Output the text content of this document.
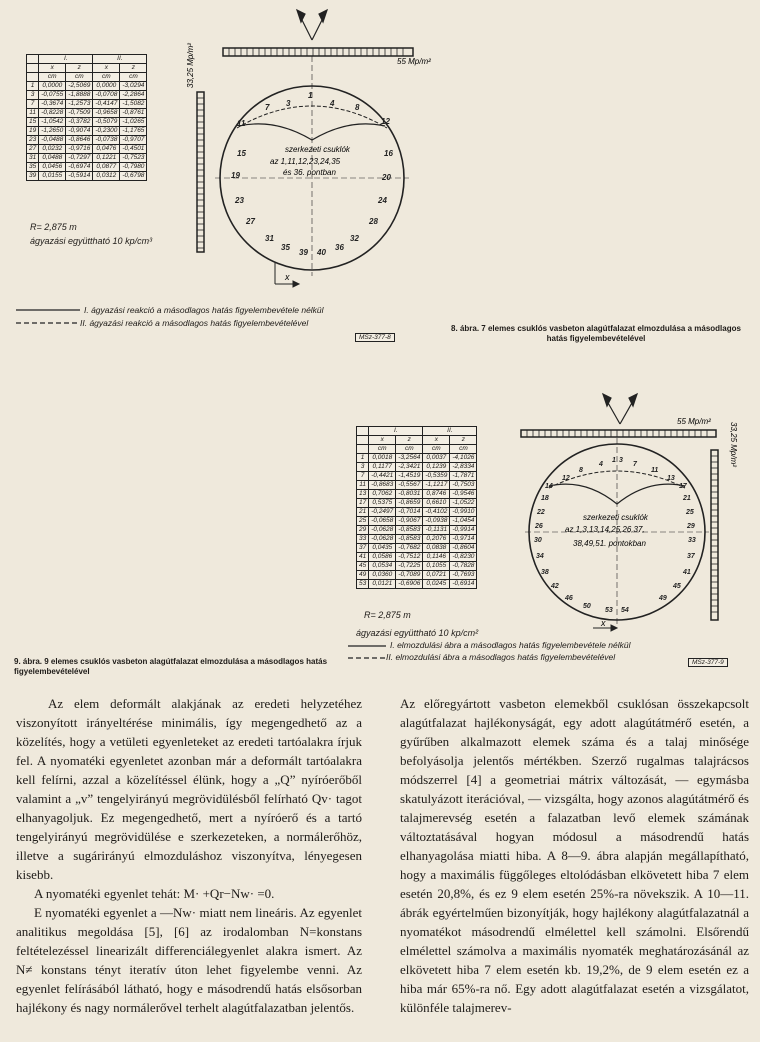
	I.		II.	
	x	z	x	z
	cm	cm	cm	cm
1	0,0000	-2,5069	0,0000	-3,0294
3	-0,0755	-1,8888	-0,0708	-2,2864
7	-0,3674	-1,2573	-0,4147	-1,5082
11	-0,8228	-0,7509	-0,9658	-0,8761
15	-1,0542	-0,3782	-0,5079	-1,0265
19	-1,2650	-0,9074	-0,2300	-1,1765
23	-0,0488	-0,8646	-0,0738	-0,9707
27	0,0232	-0,9716	0,0476	-0,4501
31	0,0488	-0,7297	0,1221	-0,7523
35	0,0456	-0,6974	0,0877	-0,7980
39	0,0155	-0,5914	0,0312	-0,6798
R= 2,875 m
ágyazási együttható 10 kp/cm³
55 Mp/m²
33,25 Mp/m²
x
szerkezeti csuklók
az 1,11,12,23,24,35
és 36. pontban
1
3	4
7	8
11	12
15	16
19	20
23	24
27	28
31	32
35	36
39 40
I. ágyazási reakció a másodlagos hatás figyelembevétele nélkül
II. ágyazási reakció a másodlagos hatás figyelembevételével
MSz-377-8
8. ábra. 7 elemes csuklós vasbeton alagútfalazat elmozdulása a másodlagos hatás figyelembevételével
	I.		II.	
	x	z	x	z
	cm	cm	cm	cm
1	0,0018	-3,2564	0,0037	-4,1026
3	0,1177	-2,3421	0,1239	-2,8334
7	-0,4421	-1,4519	-0,5359	-1,7871
11	-0,8683	-0,5567	-1,1217	-0,7503
13	0,7062	-0,8031	0,8746	-0,9546
17	0,5375	-0,8659	0,6610	-1,0522
21	-0,2497	-0,7014	-0,4102	-0,9910
25	-0,0658	-0,9067	-0,0938	-1,0454
29	-0,0628	-0,8583	-0,1131	-0,9914
33	-0,0628	-0,8583	0,2076	-0,9714
37	0,0435	-0,7682	0,0838	-0,8604
41	0,0586	-0,7512	0,1146	-0,8230
45	0,0534	-0,7225	0,1055	-0,7828
49	0,0360	-0,7089	0,0721	-0,7693
53	0,0121	-0,6906	0,0245	-0,6914
R= 2,875 m
ágyazási együttható 10 kp/cm²
55 Mp/m²
33,25 Mp/m²
x
szerkezeti csuklók
az 1,3,13,14,25,26,37,
38,49,51. pontokban
1 3
4	7
8	11
12	13
14	17
18	21
22	25
26	29
30	33
34	37
38	41
42	45
46	49
50
53 54
I. elmozdulási ábra a másodlagos hatás figyelembevétele nélkül
II. elmozdulási ábra a másodlagos hatás figyelembevételével
MSz-377-9
9. ábra. 9 elemes csuklós vasbeton alagútfalazat elmozdulása a másodlagos hatás figyelembevételével

Az elem deformált alakjának az eredeti helyzetéhez viszonyított irányeltérése minimális, így megengedhető az a közelítés, hogy a vetületi egyenleteket az eredeti tartóalakra írjuk fel. A nyomatéki egyenletet azonban már a deformált tartóalakra kell felírni, azzal a közelítéssel élünk, hogy a „Q” nyíróerőből valamint a „v” tengelyirányú megrövidülésből felírható Qv· tagot elhanyagoljuk. Ez megengedhető, mert a nyíróerő és a tartó tengelyirányú megrövidülése e szerkezeteken, a normálerőhöz, illetve a sugárirányú elmozduláshoz viszonyítva, lényegesen kisebb.

A nyomatéki egyenlet tehát: M· +Qr−Nw· =0.

E nyomatéki egyenlet a —Nw· miatt nem lineáris. Az egyenlet analitikus megoldása [5], [6] az irodalomban N=konstans feltételezéssel linearizált differenciálegyenlet alakra ismert. Az N≠ konstans tényt iteratív úton lehet figyelembe venni. Az egyenlet felírásából látható, hogy e másodrendű hatás elsősorban hajlékony és nagy normálerővel terhelt alagútfalazatban jelentős.

Az előregyártott vasbeton elemekből csuklósan összekapcsolt alagútfalazat hajlékonyságát, egy adott alagútátmérő esetén, a gyűrűben alkalmazott elemek száma és a talaj minősége befolyásolja jelentős mértékben. Szerző rugalmas talajrácsos módszerrel [4] a geometriai mátrix változását, — egymásba skatulyázott iterációval, — vizsgálta, hogy azonos alagútátmérő és talajmerevség esetén a falazatban levő elemek számának változtatásával hogyan módosul a másodrendű hatás elhanyagolása miatti hiba. A 8—9. ábra alapján megállapítható, hogy a maximális függőleges eltolódásban elkövetett hiba 7 elem esetén 20,8%, és ez 9 elem esetén 25%-ra növekszik. A 10—11. ábrák egyértelműen bizonyítják, hogy hajlékony alagútfalazatnál a nyomatékot másodrendű elmélettel kell számolni. Elsőrendű elmélettel számolva a maximális nyomaték meghatározásánál az elkövetett hiba 7 elem esetén kb. 19,2%, de 9 elem esetén ez a hiba már 65%-ra nő. Egy adott alagútfalazat esetén a vizsgálatot, különféle talajmerev-
